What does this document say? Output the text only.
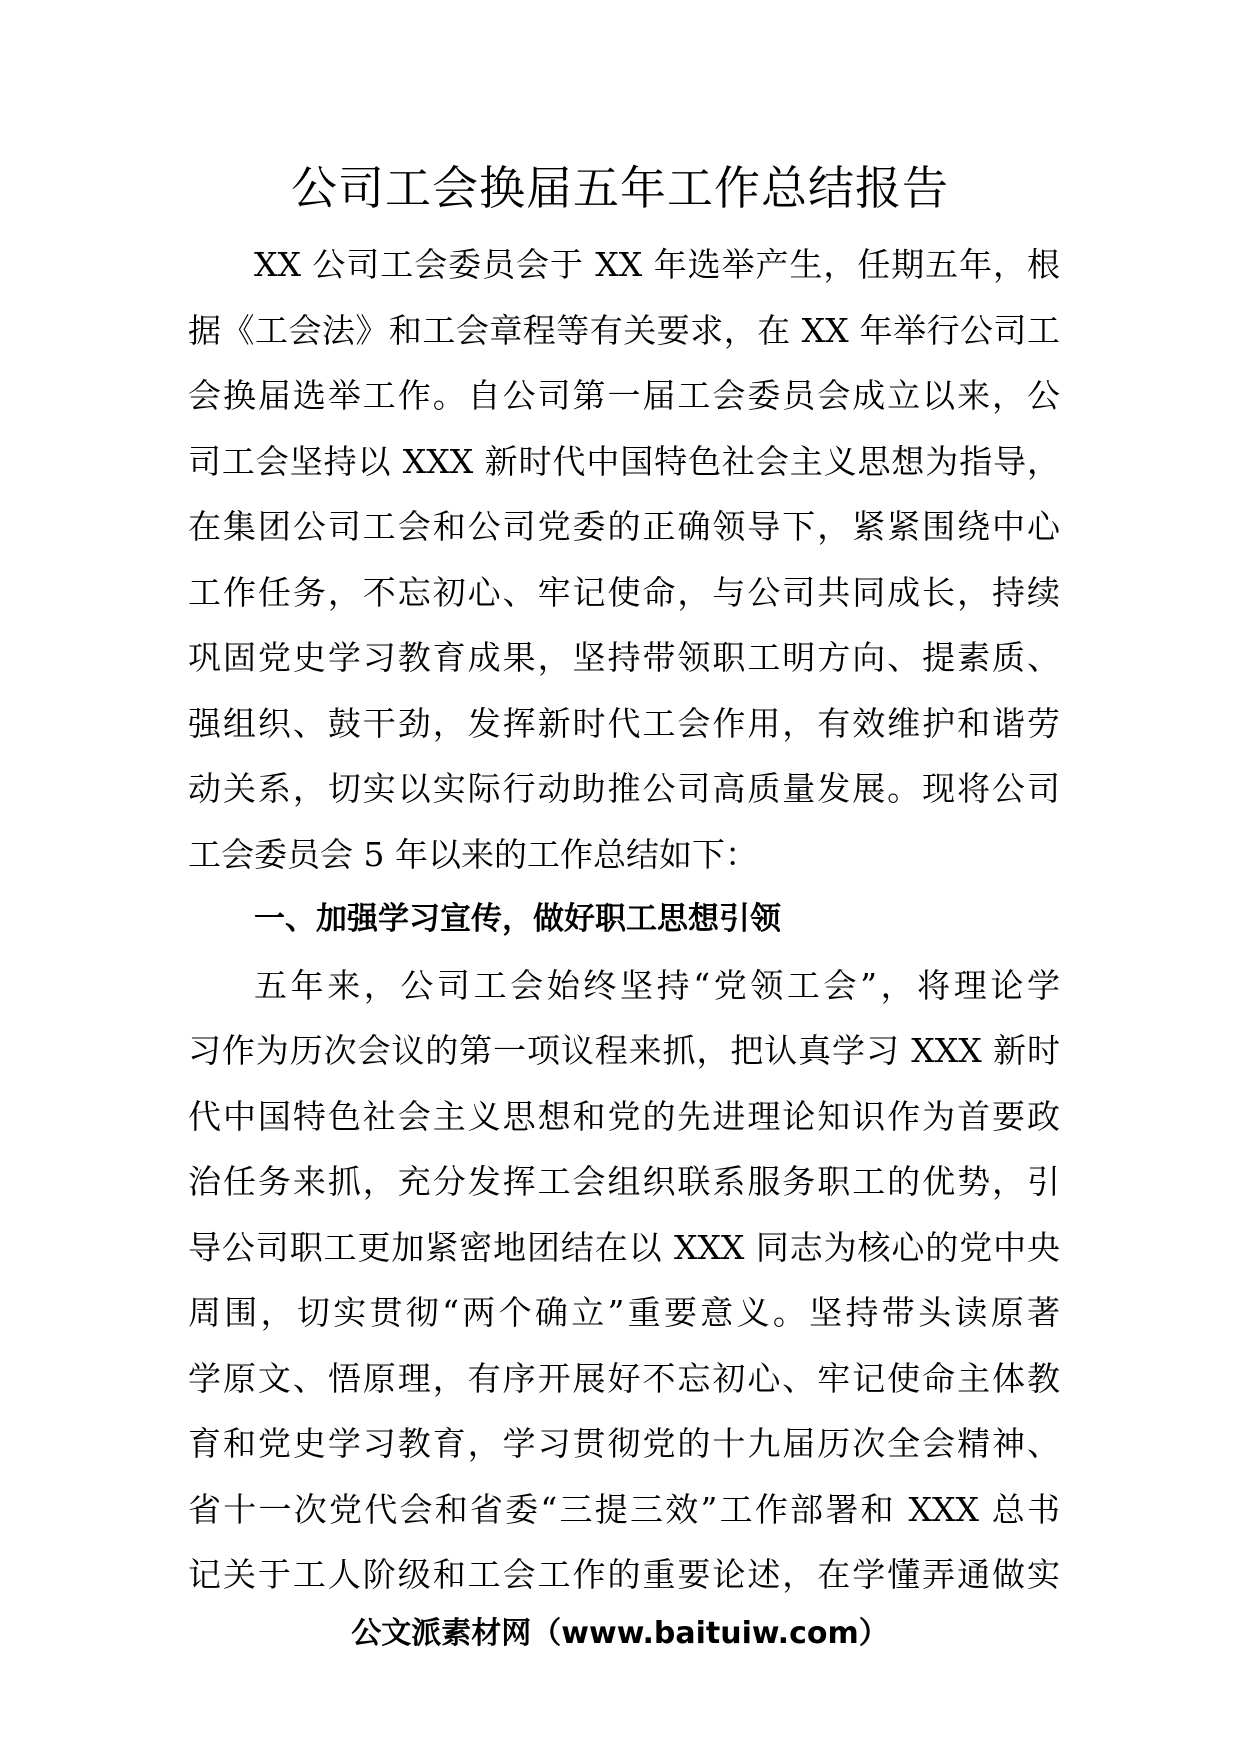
公司工会换届五年工作总结报告
XX 公司工会委员会于 XX 年选举产生，任期五年，根
据《工会法》和工会章程等有关要求，在 XX 年举行公司工
会换届选举工作。自公司第一届工会委员会成立以来，公
司工会坚持以 XXX 新时代中国特色社会主义思想为指导，
在集团公司工会和公司党委的正确领导下，紧紧围绕中心
工作任务，不忘初心、牢记使命，与公司共同成长，持续
巩固党史学习教育成果，坚持带领职工明方向、提素质、
强组织、鼓干劲，发挥新时代工会作用，有效维护和谐劳
动关系，切实以实际行动助推公司高质量发展。现将公司
工会委员会 5 年以来的工作总结如下：
一、加强学习宣传，做好职工思想引领
五年来，公司工会始终坚持“党领工会”，将理论学
习作为历次会议的第一项议程来抓，把认真学习 XXX 新时
代中国特色社会主义思想和党的先进理论知识作为首要政
治任务来抓，充分发挥工会组织联系服务职工的优势，引
导公司职工更加紧密地团结在以 XXX 同志为核心的党中央
周围，切实贯彻“两个确立”重要意义。坚持带头读原著
学原文、悟原理，有序开展好不忘初心、牢记使命主体教
育和党史学习教育，学习贯彻党的十九届历次全会精神、
省十一次党代会和省委“三提三效”工作部署和 XXX 总书
记关于工人阶级和工会工作的重要论述，在学懂弄通做实
公文派素材网（www.baituiw.com）
